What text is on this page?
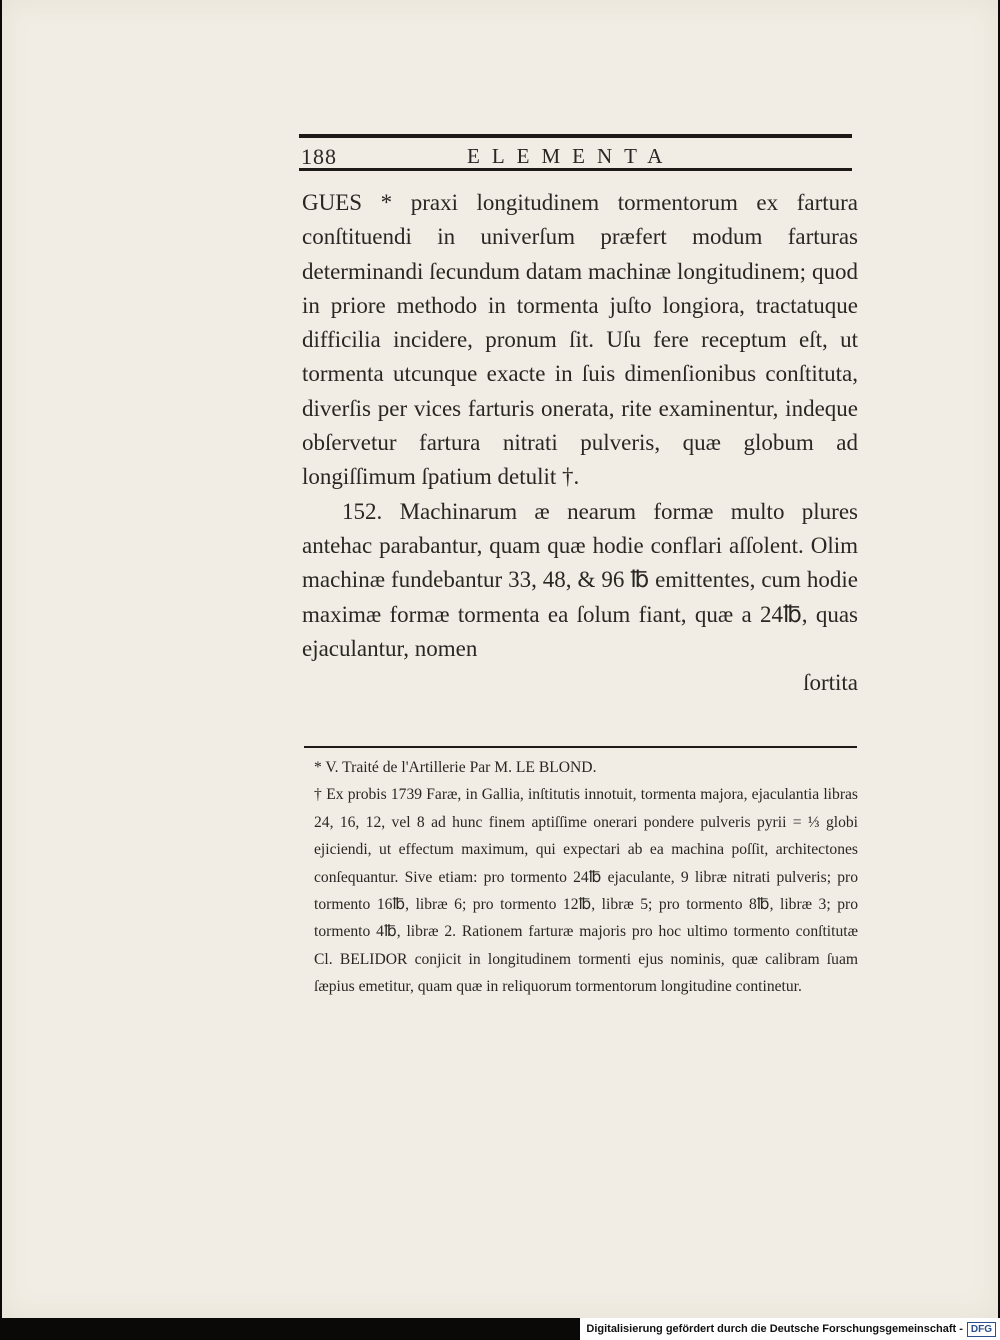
188	ELEMENTA

GUES * praxi longitudinem tormentorum ex fartura conſtituendi in univerſum præfert modum farturas determinandi ſecundum datam machinæ longitudinem; quod in priore methodo in tormenta juſto longiora, tractatuque difficilia incidere, pronum ſit. Uſu fere receptum eſt, ut tormenta utcunque exacte in ſuis dimenſionibus conſtituta, diverſis per vices farturis onerata, rite examinentur, indeque obſervetur fartura nitrati pulveris, quæ globum ad longiſſimum ſpatium detulit †.

152. Machinarum æ nearum formæ multo plures antehac parabantur, quam quæ hodie conflari aſſolent. Olim machinæ fundebantur 33, 48, & 96 ℔ emittentes, cum hodie maximæ formæ tormenta ea ſolum fiant, quæ a 24℔, quas ejaculantur, nomen

ſortita

* V. Traité de l'Artillerie Par M. LE BLOND.

† Ex probis 1739 Faræ, in Gallia, inſtitutis innotuit, tormenta majora, ejaculantia libras 24, 16, 12, vel 8 ad hunc finem aptiſſime onerari pondere pulveris pyrii = ⅓ globi ejiciendi, ut effectum maximum, qui expectari ab ea machina poſſit, architectones conſequantur. Sive etiam: pro tormento 24℔ ejaculante, 9 libræ nitrati pulveris; pro tormento 16℔, libræ 6; pro tormento 12℔, libræ 5; pro tormento 8℔, libræ 3; pro tormento 4℔, libræ 2. Rationem farturæ majoris pro hoc ultimo tormento conſtitutæ Cl. BELIDOR conjicit in longitudinem tormenti ejus nominis, quæ calibram ſuam ſæpius emetitur, quam quæ in reliquorum tormentorum longitudine continetur.

Digitalisierung gefördert durch die Deutsche Forschungsgemeinschaft - DFG
